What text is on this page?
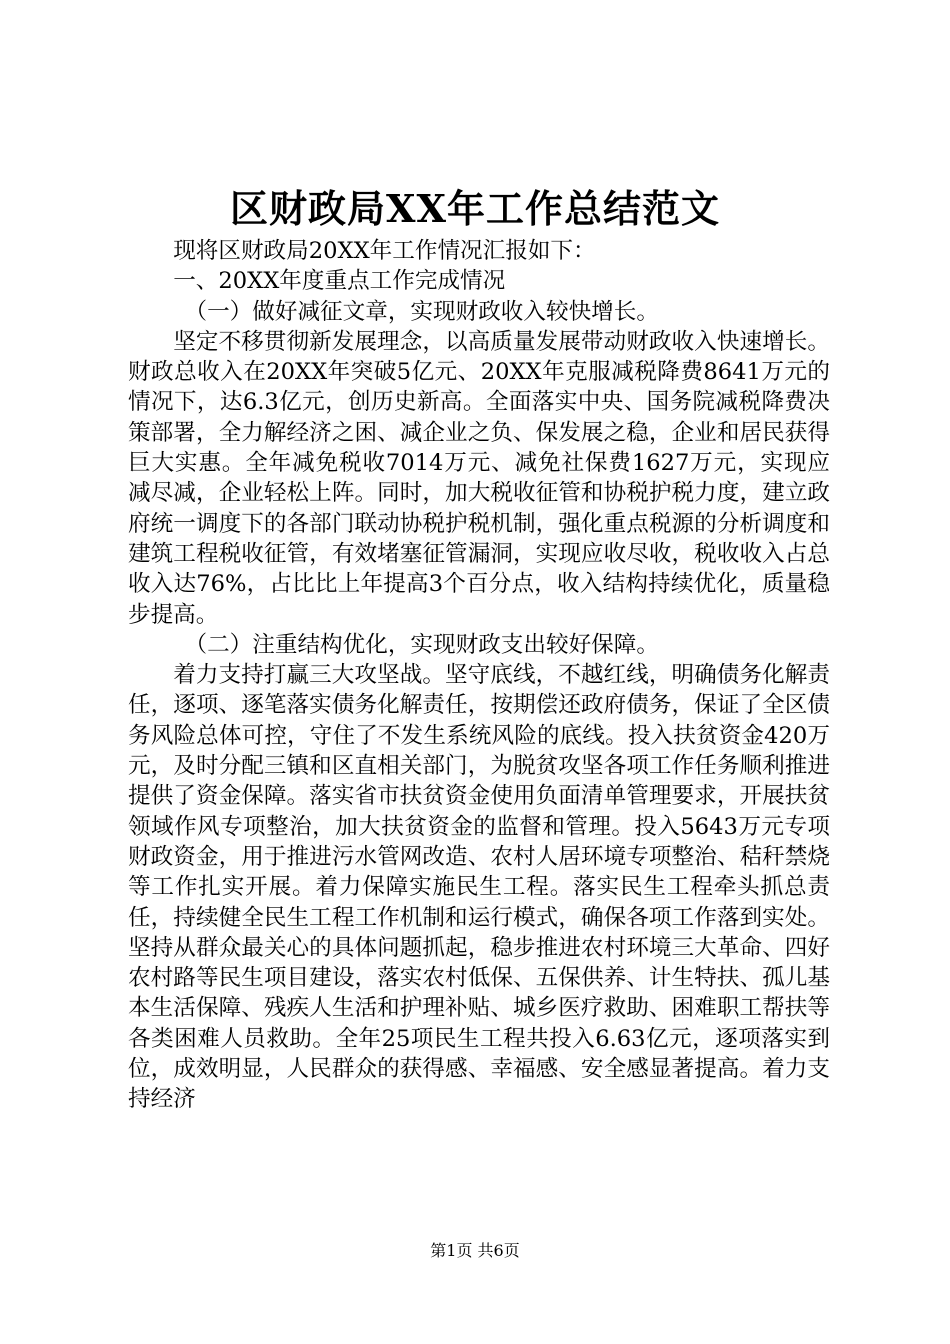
区财政局XX年工作总结范文

现将区财政局20XX年工作情况汇报如下：

一、20XX年度重点工作完成情况

（一）做好减征文章，实现财政收入较快增长。

坚定不移贯彻新发展理念，以高质量发展带动财政收入快速增长。财政总收入在20XX年突破5亿元、20XX年克服减税降费8641万元的情况下，达6.3亿元，创历史新高。全面落实中央、国务院减税降费决策部署，全力解经济之困、减企业之负、保发展之稳，企业和居民获得巨大实惠。全年减免税收7014万元、减免社保费1627万元，实现应减尽减，企业轻松上阵。同时，加大税收征管和协税护税力度，建立政府统一调度下的各部门联动协税护税机制，强化重点税源的分析调度和建筑工程税收征管，有效堵塞征管漏洞，实现应收尽收，税收收入占总收入达76%，占比比上年提高3个百分点，收入结构持续优化，质量稳步提高。

（二）注重结构优化，实现财政支出较好保障。

着力支持打赢三大攻坚战。坚守底线，不越红线，明确债务化解责任，逐项、逐笔落实债务化解责任，按期偿还政府债务，保证了全区债务风险总体可控，守住了不发生系统风险的底线。投入扶贫资金420万元，及时分配三镇和区直相关部门，为脱贫攻坚各项工作任务顺利推进提供了资金保障。落实省市扶贫资金使用负面清单管理要求，开展扶贫领域作风专项整治，加大扶贫资金的监督和管理。投入5643万元专项财政资金，用于推进污水管网改造、农村人居环境专项整治、秸秆禁烧等工作扎实开展。着力保障实施民生工程。落实民生工程牵头抓总责任，持续健全民生工程工作机制和运行模式，确保各项工作落到实处。坚持从群众最关心的具体问题抓起，稳步推进农村环境三大革命、四好农村路等民生项目建设，落实农村低保、五保供养、计生特扶、孤儿基本生活保障、残疾人生活和护理补贴、城乡医疗救助、困难职工帮扶等各类困难人员救助。全年25项民生工程共投入6.63亿元，逐项落实到位，成效明显，人民群众的获得感、幸福感、安全感显著提高。着力支持经济

第1页 共6页
